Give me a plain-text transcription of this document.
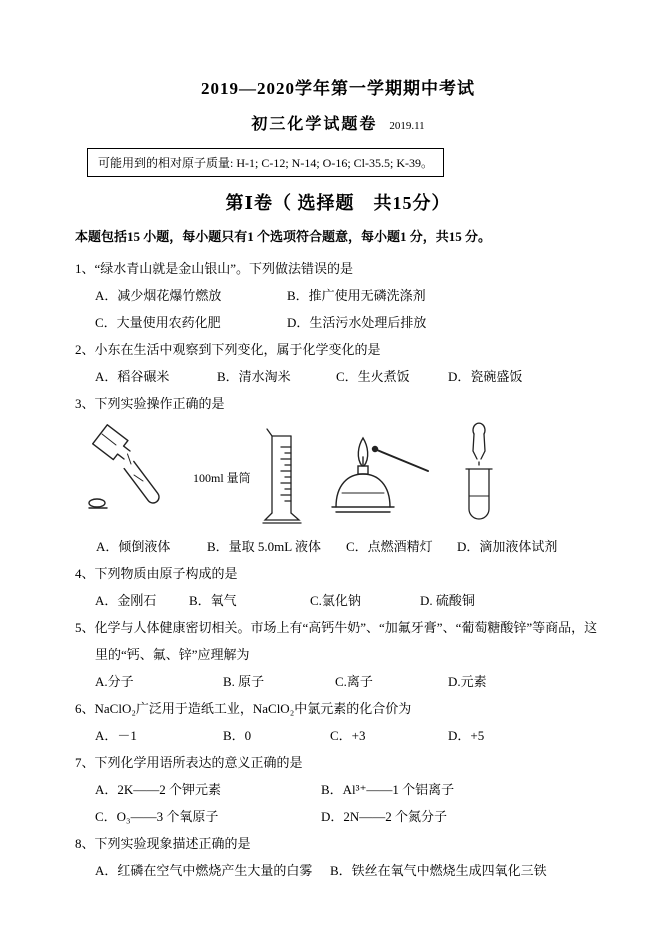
2019—2020学年第一学期期中考试
初三化学试题卷 2019.11
可能用到的相对原子质量: H-1; C-12; N-14; O-16; Cl-35.5; K-39。
第Ⅰ卷（ 选择题　共15分）

本题包括15 小题，每小题只有1 个选项符合题意，每小题1 分，共15 分。

1、“绿水青山就是金山银山”。下列做法错误的是

A．减少烟花爆竹燃放	B．推广使用无磷洗涤剂
C．大量使用农药化肥	D．生活污水处理后排放

2、小东在生活中观察到下列变化，属于化学变化的是

A．稻谷碾米	B．清水淘米	C．生火煮饭	D．瓷碗盛饭

3、下列实验操作正确的是

100ml 量筒
A．倾倒液体	B．量取 5.0mL 液体 C．点燃酒精灯 D．滴加液体试剂

4、下列物质由原子构成的是

A．金刚石	B．氧气	C.氯化钠	D. 硫酸铜

5、化学与人体健康密切相关。市场上有“高钙牛奶”、“加氟牙膏”、“葡萄糖酸锌”等商品，这

里的“钙、氟、锌”应理解为

A.分子	B. 原子	C.离子	D.元素

6、NaClO₂广泛用于造纸工业，NaClO₂中氯元素的化合价为

A．－1	B．0	C．+3	D．+5

7、下列化学用语所表达的意义正确的是

A．2K——2 个钾元素	B．Al³⁺——1 个铝离子
C．O₃——3 个氧原子	D．2N——2 个氮分子

8、下列实验现象描述正确的是

A．红磷在空气中燃烧产生大量的白雾	B．铁丝在氧气中燃烧生成四氧化三铁
